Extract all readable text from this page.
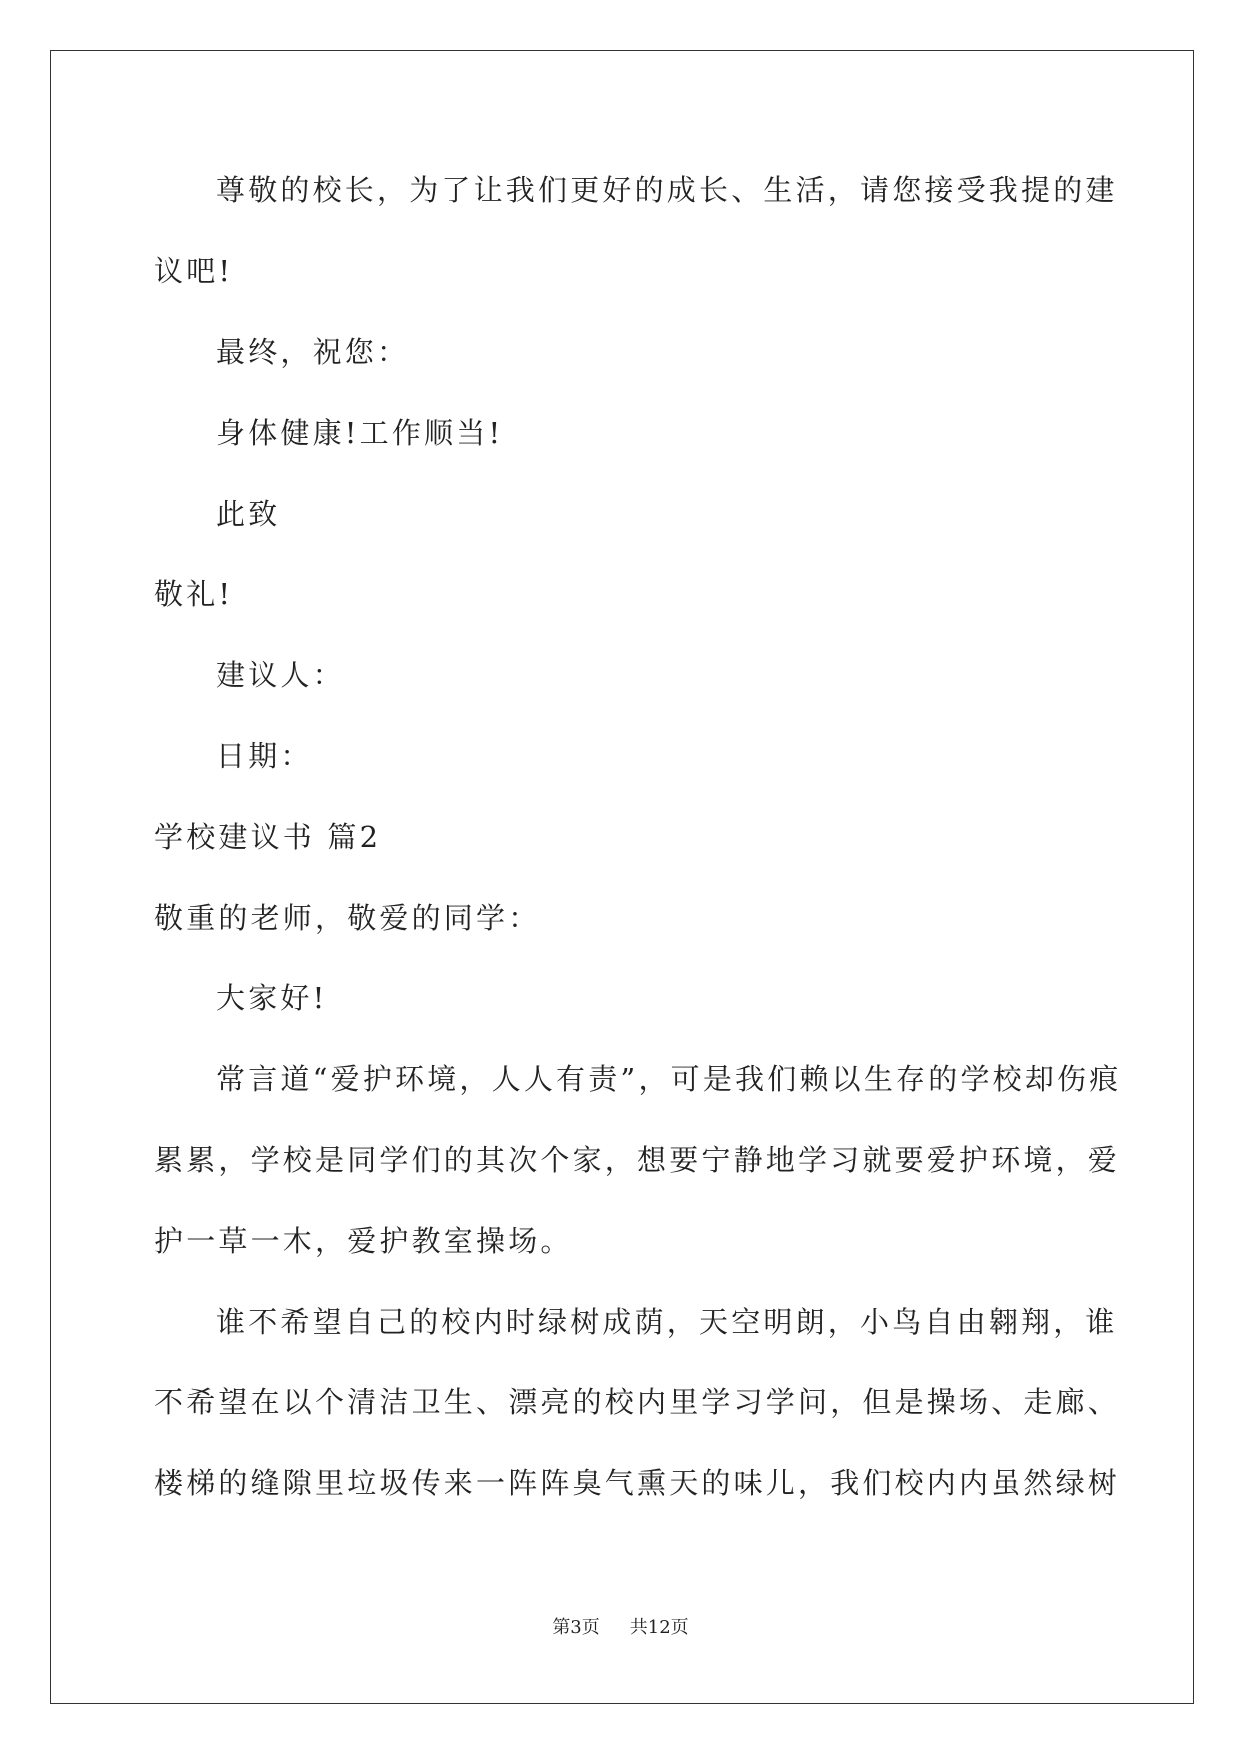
尊敬的校长，为了让我们更好的成长、生活，请您接受我提的建
议吧!
最终，祝您：
身体健康!工作顺当!
此致
敬礼!
建议人：
日期：
学校建议书 篇2
敬重的老师，敬爱的同学：
大家好!
常言道“爱护环境，人人有责”，可是我们赖以生存的学校却伤痕
累累，学校是同学们的其次个家，想要宁静地学习就要爱护环境，爱
护一草一木，爱护教室操场。
谁不希望自己的校内时绿树成荫，天空明朗，小鸟自由翱翔，谁
不希望在以个清洁卫生、漂亮的校内里学习学问，但是操场、走廊、
楼梯的缝隙里垃圾传来一阵阵臭气熏天的味儿，我们校内内虽然绿树
第3页 共12页
